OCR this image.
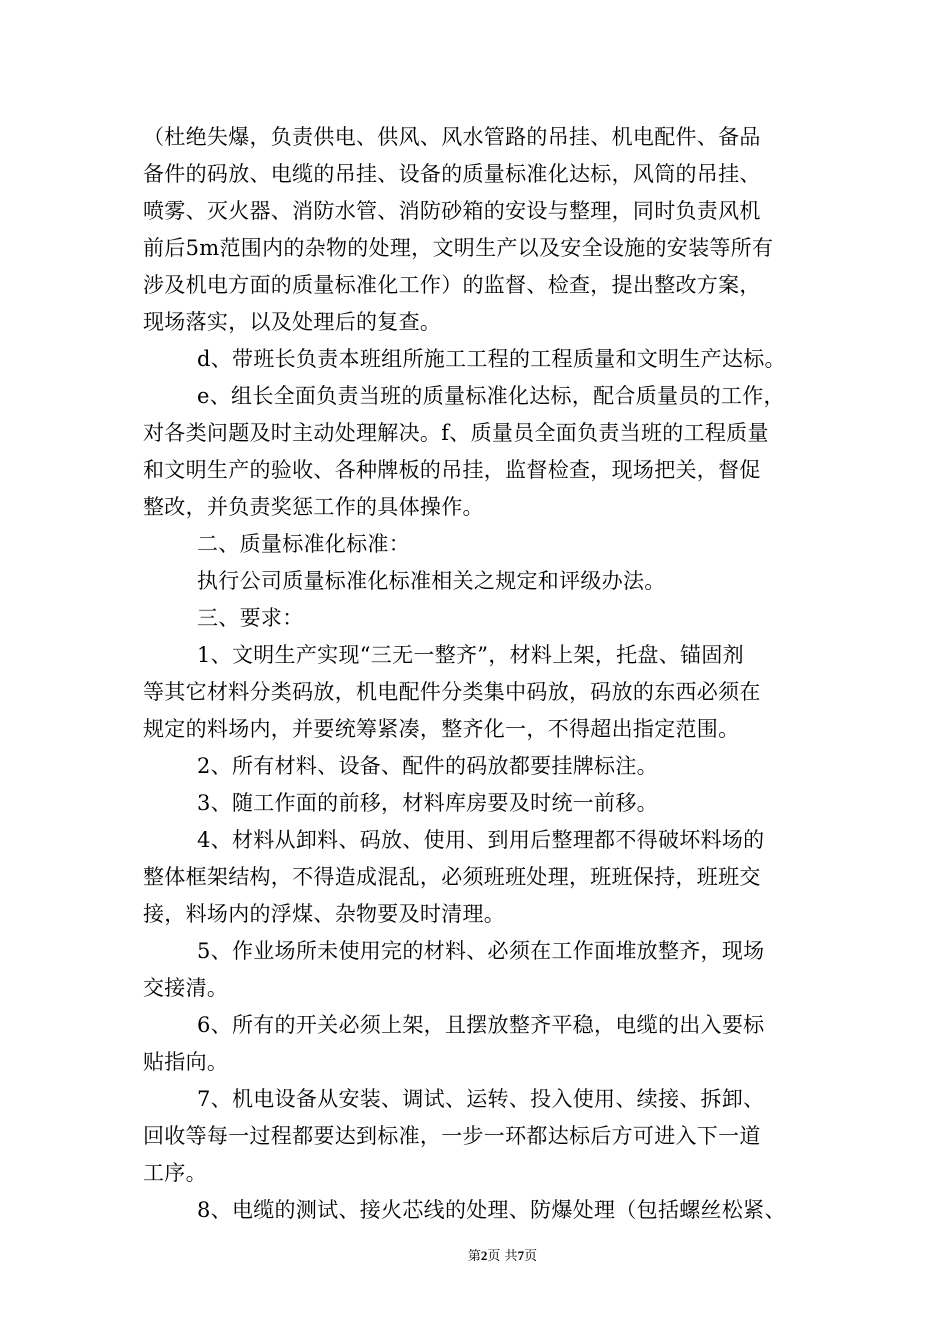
（杜绝失爆，负责供电、供风、风水管路的吊挂、机电配件、备品
备件的码放、电缆的吊挂、设备的质量标准化达标，风筒的吊挂、
喷雾、灭火器、消防水管、消防砂箱的安设与整理，同时负责风机
前后5m范围内的杂物的处理，文明生产以及安全设施的安装等所有
涉及机电方面的质量标准化工作）的监督、检查，提出整改方案，
现场落实，以及处理后的复查。
d、带班长负责本班组所施工工程的工程质量和文明生产达标。
e、组长全面负责当班的质量标准化达标，配合质量员的工作，
对各类问题及时主动处理解决。f、质量员全面负责当班的工程质量
和文明生产的验收、各种牌板的吊挂，监督检查，现场把关，督促
整改，并负责奖惩工作的具体操作。
二、质量标准化标准：
执行公司质量标准化标准相关之规定和评级办法。
三、要求：
1、文明生产实现“三无一整齐”，材料上架，托盘、锚固剂
等其它材料分类码放，机电配件分类集中码放，码放的东西必须在
规定的料场内，并要统筹紧凑，整齐化一，不得超出指定范围。
2、所有材料、设备、配件的码放都要挂牌标注。
3、随工作面的前移，材料库房要及时统一前移。
4、材料从卸料、码放、使用、到用后整理都不得破坏料场的
整体框架结构，不得造成混乱，必须班班处理，班班保持，班班交
接，料场内的浮煤、杂物要及时清理。
5、作业场所未使用完的材料、必须在工作面堆放整齐，现场
交接清。
6、所有的开关必须上架，且摆放整齐平稳，电缆的出入要标
贴指向。
7、机电设备从安装、调试、运转、投入使用、续接、拆卸、
回收等每一过程都要达到标准，一步一环都达标后方可进入下一道
工序。
8、电缆的测试、接火芯线的处理、防爆处理（包括螺丝松紧、
第2页 共7页
